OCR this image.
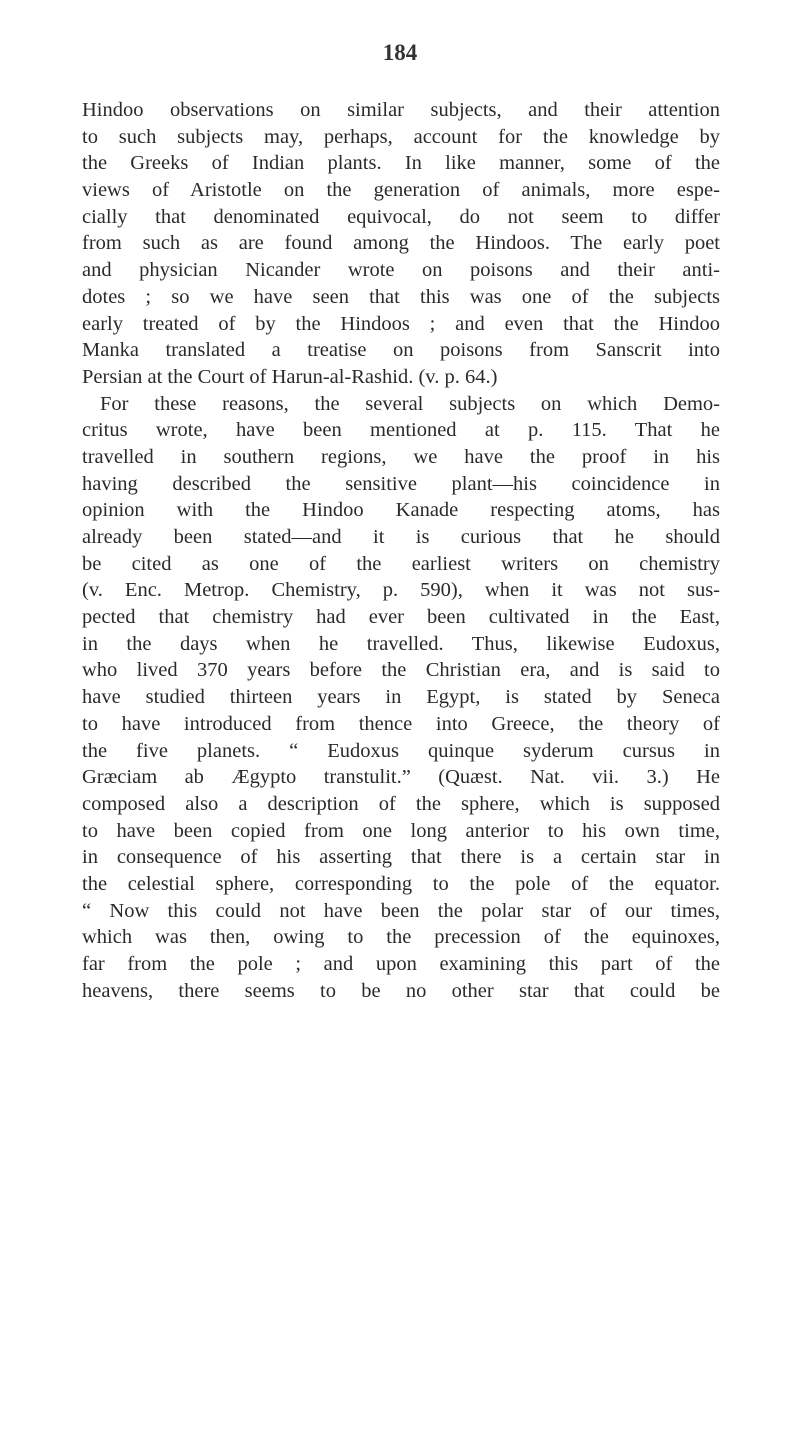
184
Hindoo observations on similar subjects, and their attention
to such subjects may, perhaps, account for the knowledge by
the Greeks of Indian plants. In like manner, some of the
views of Aristotle on the generation of animals, more espe-
cially that denominated equivocal, do not seem to differ
from such as are found among the Hindoos. The early poet
and physician Nicander wrote on poisons and their anti-
dotes ; so we have seen that this was one of the subjects
early treated of by the Hindoos ; and even that the Hindoo
Manka translated a treatise on poisons from Sanscrit into
Persian at the Court of Harun-al-Rashid. (v. p. 64.)
For these reasons, the several subjects on which Demo-
critus wrote, have been mentioned at p. 115. That he
travelled in southern regions, we have the proof in his
having described the sensitive plant—his coincidence in
opinion with the Hindoo Kanade respecting atoms, has
already been stated—and it is curious that he should
be cited as one of the earliest writers on chemistry
(v. Enc. Metrop. Chemistry, p. 590), when it was not sus-
pected that chemistry had ever been cultivated in the East,
in the days when he travelled. Thus, likewise Eudoxus,
who lived 370 years before the Christian era, and is said to
have studied thirteen years in Egypt, is stated by Seneca
to have introduced from thence into Greece, the theory of
the five planets. “ Eudoxus quinque syderum cursus in
Græciam ab Ægypto transtulit.” (Quæst. Nat. vii. 3.) He
composed also a description of the sphere, which is supposed
to have been copied from one long anterior to his own time,
in consequence of his asserting that there is a certain star in
the celestial sphere, corresponding to the pole of the equator.
“ Now this could not have been the polar star of our times,
which was then, owing to the precession of the equinoxes,
far from the pole ; and upon examining this part of the
heavens, there seems to be no other star that could be
